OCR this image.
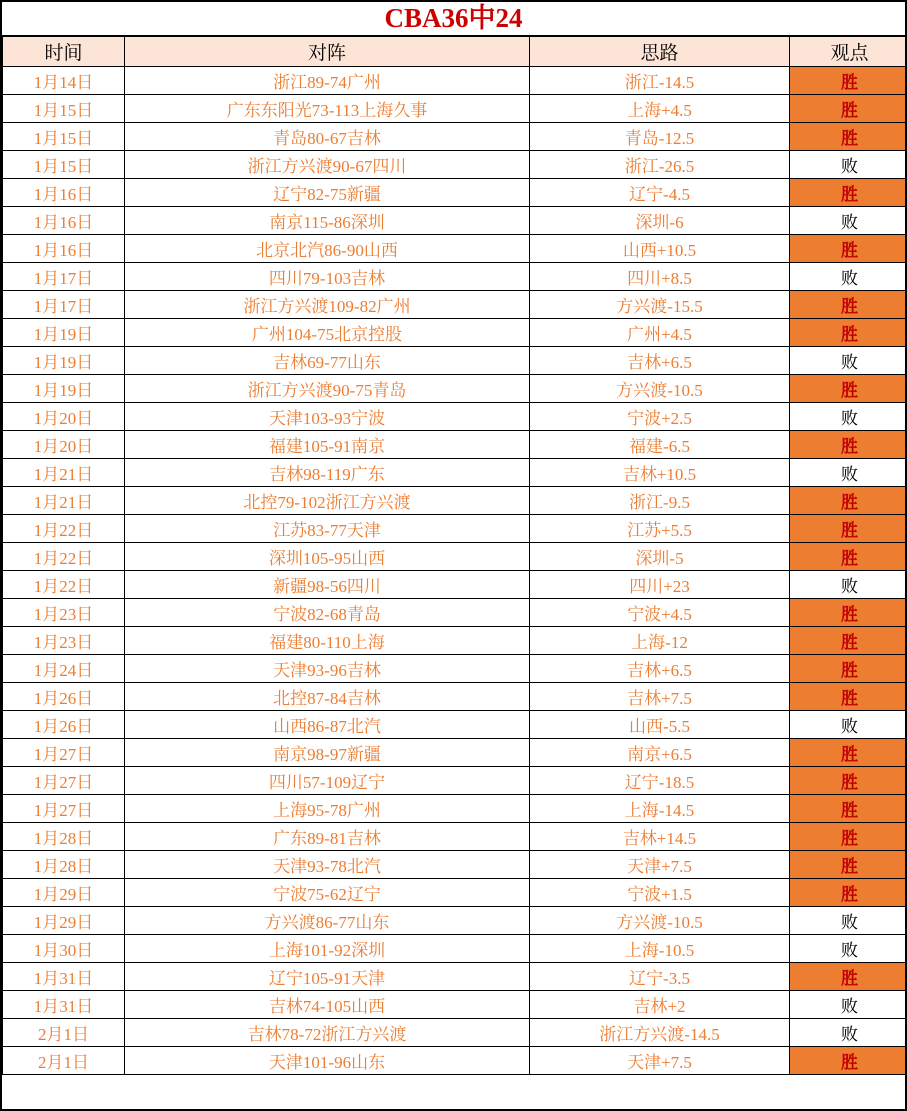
CBA36中24
时间	对阵	思路	观点
1月14日	浙江89-74广州	浙江-14.5	胜
1月15日	广东东阳光73-113上海久事	上海+4.5	胜
1月15日	青岛80-67吉林	青岛-12.5	胜
1月15日	浙江方兴渡90-67四川	浙江-26.5	败
1月16日	辽宁82-75新疆	辽宁-4.5	胜
1月16日	南京115-86深圳	深圳-6	败
1月16日	北京北汽86-90山西	山西+10.5	胜
1月17日	四川79-103吉林	四川+8.5	败
1月17日	浙江方兴渡109-82广州	方兴渡-15.5	胜
1月19日	广州104-75北京控股	广州+4.5	胜
1月19日	吉林69-77山东	吉林+6.5	败
1月19日	浙江方兴渡90-75青岛	方兴渡-10.5	胜
1月20日	天津103-93宁波	宁波+2.5	败
1月20日	福建105-91南京	福建-6.5	胜
1月21日	吉林98-119广东	吉林+10.5	败
1月21日	北控79-102浙江方兴渡	浙江-9.5	胜
1月22日	江苏83-77天津	江苏+5.5	胜
1月22日	深圳105-95山西	深圳-5	胜
1月22日	新疆98-56四川	四川+23	败
1月23日	宁波82-68青岛	宁波+4.5	胜
1月23日	福建80-110上海	上海-12	胜
1月24日	天津93-96吉林	吉林+6.5	胜
1月26日	北控87-84吉林	吉林+7.5	胜
1月26日	山西86-87北汽	山西-5.5	败
1月27日	南京98-97新疆	南京+6.5	胜
1月27日	四川57-109辽宁	辽宁-18.5	胜
1月27日	上海95-78广州	上海-14.5	胜
1月28日	广东89-81吉林	吉林+14.5	胜
1月28日	天津93-78北汽	天津+7.5	胜
1月29日	宁波75-62辽宁	宁波+1.5	胜
1月29日	方兴渡86-77山东	方兴渡-10.5	败
1月30日	上海101-92深圳	上海-10.5	败
1月31日	辽宁105-91天津	辽宁-3.5	胜
1月31日	吉林74-105山西	吉林+2	败
2月1日	吉林78-72浙江方兴渡	浙江方兴渡-14.5	败
2月1日	天津101-96山东	天津+7.5	胜
